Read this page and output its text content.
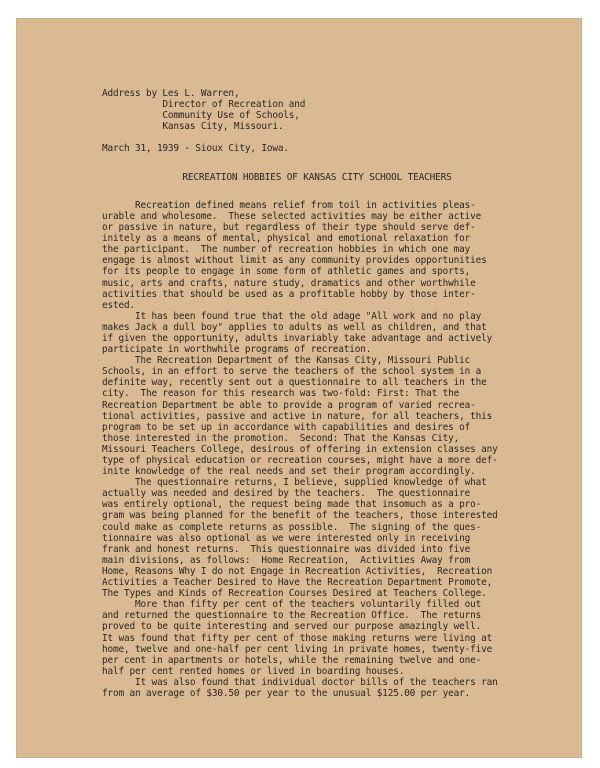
Address by Les L. Warren,
Director of Recreation and
Community Use of Schools,
Kansas City, Missouri.
March 31, 1939 - Sioux City, Iowa.
RECREATION HOBBIES OF KANSAS CITY SCHOOL TEACHERS
Recreation defined means relief from toil in activities pleas-
urable and wholesome.  These selected activities may be either active
or passive in nature, but regardless of their type should serve def-
initely as a means of mental, physical and emotional relaxation for
the participant.  The number of recreation hobbies in which one may
engage is almost without limit as any community provides opportunities
for its people to engage in some form of athletic games and sports,
music, arts and crafts, nature study, dramatics and other worthwhile
activities that should be used as a profitable hobby by those inter-
ested.
It has been found true that the old adage "All work and no play
makes Jack a dull boy" applies to adults as well as children, and that
if given the opportunity, adults invariably take advantage and actively
participate in worthwhile programs of recreation.
The Recreation Department of the Kansas City, Missouri Public
Schools, in an effort to serve the teachers of the school system in a
definite way, recently sent out a questionnaire to all teachers in the
city.  The reason for this research was two-fold: First: That the
Recreation Department be able to provide a program of varied recrea-
tional activities, passive and active in nature, for all teachers, this
program to be set up in accordance with capabilities and desires of
those interested in the promotion.  Second: That the Kansas City,
Missouri Teachers College, desirous of offering in extension classes any
type of physical education or recreation courses, might have a more def-
inite knowledge of the real needs and set their program accordingly.
The questionnaire returns, I believe, supplied knowledge of what
actually was needed and desired by the teachers.  The questionnaire
was entirely optional, the request being made that insomuch as a pro-
gram was being planned for the benefit of the teachers, those interested
could make as complete returns as possible.  The signing of the ques-
tionnaire was also optional as we were interested only in receiving
frank and honest returns.  This questionnaire was divided into five
main divisions, as follows:  Home Recreation,  Activities Away from
Home, Reasons Why I do not Engage in Recreation Activities,  Recreation
Activities a Teacher Desired to Have the Recreation Department Promote,
The Types and Kinds of Recreation Courses Desired at Teachers College.
More than fifty per cent of the teachers voluntarily filled out
and returned the questionnaire to the Recreation Office.  The returns
proved to be quite interesting and served our purpose amazingly well.
It was found that fifty per cent of those making returns were living at
home, twelve and one-half per cent living in private homes, twenty-five
per cent in apartments or hotels, while the remaining twelve and one-
half per cent rented homes or lived in boarding houses.
It was also found that individual doctor bills of the teachers ran
from an average of $30.50 per year to the unusual $125.00 per year.
